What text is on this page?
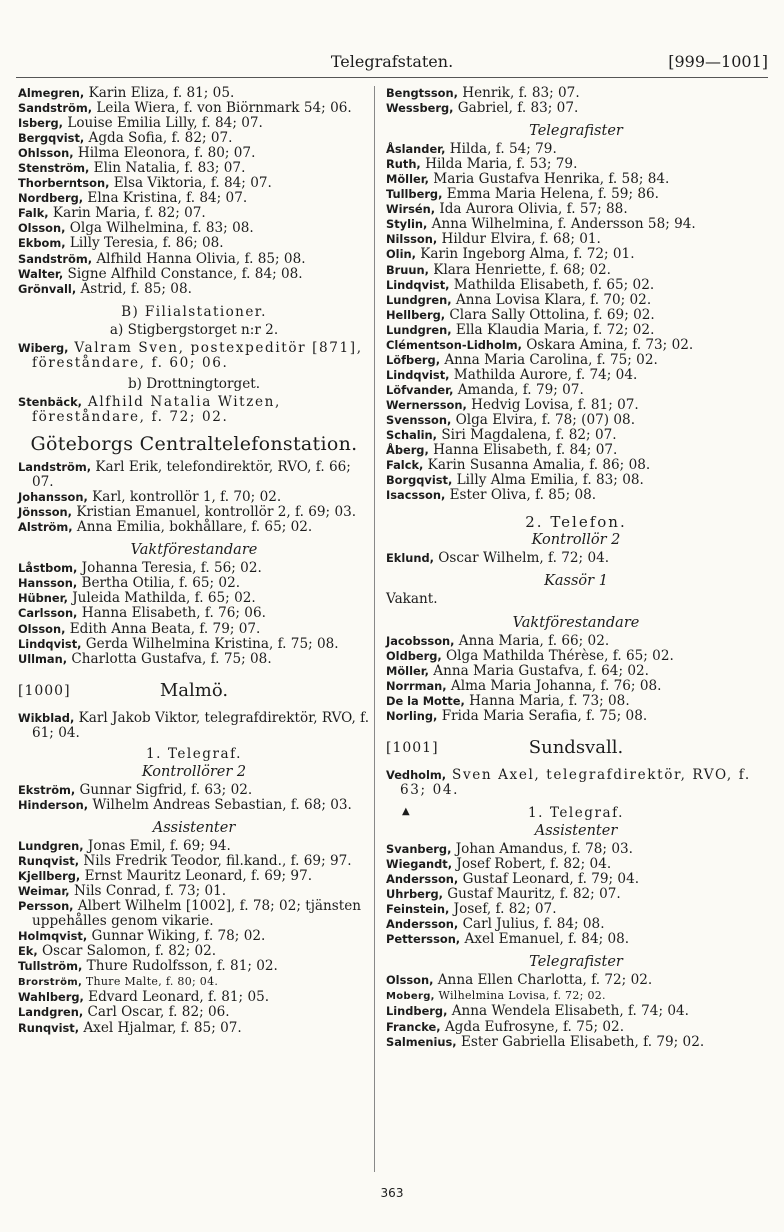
Telegrafstaten.	[999—1001]

Almegren, Karin Eliza, f. 81; 05.

Sandström, Leila Wiera, f. von Biörnmark 54; 06.

Isberg, Louise Emilia Lilly, f. 84; 07.

Bergqvist, Agda Sofia, f. 82; 07.

Ohlsson, Hilma Eleonora, f. 80; 07.

Stenström, Elin Natalia, f. 83; 07.

Thorberntson, Elsa Viktoria, f. 84; 07.

Nordberg, Elna Kristina, f. 84; 07.

Falk, Karin Maria, f. 82; 07.

Olsson, Olga Wilhelmina, f. 83; 08.

Ekbom, Lilly Teresia, f. 86; 08.

Sandström, Alfhild Hanna Olivia, f. 85; 08.

Walter, Signe Alfhild Constance, f. 84; 08.

Grönvall, Astrid, f. 85; 08.

B) Filialstationer.
a) Stigbergstorget n:r 2.

Wiberg, Valram Sven, postexpeditör [871], föreståndare, f. 60; 06.

b) Drottningtorget.

Stenbäck, Alfhild Natalia Witzen, föreståndare, f. 72; 02.

Göteborgs Centraltelefonstation.

Landström, Karl Erik, telefondirektör, RVO, f. 66; 07.

Johansson, Karl, kontrollör 1, f. 70; 02.

Jönsson, Kristian Emanuel, kontrollör 2, f. 69; 03.

Alström, Anna Emilia, bokhållare, f. 65; 02.

Vaktförestandare

Låstbom, Johanna Teresia, f. 56; 02.

Hansson, Bertha Otilia, f. 65; 02.

Hübner, Juleida Mathilda, f. 65; 02.

Carlsson, Hanna Elisabeth, f. 76; 06.

Olsson, Edith Anna Beata, f. 79; 07.

Lindqvist, Gerda Wilhelmina Kristina, f. 75; 08.

Ullman, Charlotta Gustafva, f. 75; 08.

[1000]	Malmö.

Wikblad, Karl Jakob Viktor, telegrafdirektör, RVO, f. 61; 04.

1. Telegraf.
Kontrollörer 2

Ekström, Gunnar Sigfrid, f. 63; 02.

Hinderson, Wilhelm Andreas Sebastian, f. 68; 03.

Assistenter

Lundgren, Jonas Emil, f. 69; 94.

Runqvist, Nils Fredrik Teodor, fil.kand., f. 69; 97.

Kjellberg, Ernst Mauritz Leonard, f. 69; 97.

Weimar, Nils Conrad, f. 73; 01.

Persson, Albert Wilhelm [1002], f. 78; 02; tjänsten uppehålles genom vikarie.

Holmqvist, Gunnar Wiking, f. 78; 02.

Ek, Oscar Salomon, f. 82; 02.

Tullström, Thure Rudolfsson, f. 81; 02.

Brorström, Thure Malte, f. 80; 04.

Wahlberg, Edvard Leonard, f. 81; 05.

Landgren, Carl Oscar, f. 82; 06.

Runqvist, Axel Hjalmar, f. 85; 07.

Bengtsson, Henrik, f. 83; 07.

Wessberg, Gabriel, f. 83; 07.

Telegrafister

Åslander, Hilda, f. 54; 79.

Ruth, Hilda Maria, f. 53; 79.

Möller, Maria Gustafva Henrika, f. 58; 84.

Tullberg, Emma Maria Helena, f. 59; 86.

Wirsén, Ida Aurora Olivia, f. 57; 88.

Stylin, Anna Wilhelmina, f. Andersson 58; 94.

Nilsson, Hildur Elvira, f. 68; 01.

Olin, Karin Ingeborg Alma, f. 72; 01.

Bruun, Klara Henriette, f. 68; 02.

Lindqvist, Mathilda Elisabeth, f. 65; 02.

Lundgren, Anna Lovisa Klara, f. 70; 02.

Hellberg, Clara Sally Ottolina, f. 69; 02.

Lundgren, Ella Klaudia Maria, f. 72; 02.

Clémentson-Lidholm, Oskara Amina, f. 73; 02.

Löfberg, Anna Maria Carolina, f. 75; 02.

Lindqvist, Mathilda Aurore, f. 74; 04.

Löfvander, Amanda, f. 79; 07.

Wernersson, Hedvig Lovisa, f. 81; 07.

Svensson, Olga Elvira, f. 78; (07) 08.

Schalin, Siri Magdalena, f. 82; 07.

Åberg, Hanna Elisabeth, f. 84; 07.

Falck, Karin Susanna Amalia, f. 86; 08.

Borgqvist, Lilly Alma Emilia, f. 83; 08.

Isacsson, Ester Oliva, f. 85; 08.

2. Telefon.
Kontrollör 2

Eklund, Oscar Wilhelm, f. 72; 04.

Kassör 1

Vakant.

Vaktförestandare

Jacobsson, Anna Maria, f. 66; 02.

Oldberg, Olga Mathilda Thérèse, f. 65; 02.

Möller, Anna Maria Gustafva, f. 64; 02.

Norrman, Alma Maria Johanna, f. 76; 08.

De la Motte, Hanna Maria, f. 73; 08.

Norling, Frida Maria Serafia, f. 75; 08.

[1001]	Sundsvall.

Vedholm, Sven Axel, telegrafdirektör, RVO, f. 63; 04.

▲	1. Telegraf.
Assistenter

Svanberg, Johan Amandus, f. 78; 03.

Wiegandt, Josef Robert, f. 82; 04.

Andersson, Gustaf Leonard, f. 79; 04.

Uhrberg, Gustaf Mauritz, f. 82; 07.

Feinstein, Josef, f. 82; 07.

Andersson, Carl Julius, f. 84; 08.

Pettersson, Axel Emanuel, f. 84; 08.

Telegrafister

Olsson, Anna Ellen Charlotta, f. 72; 02.

Moberg, Wilhelmina Lovisa, f. 72; 02.

Lindberg, Anna Wendela Elisabeth, f. 74; 04.

Francke, Agda Eufrosyne, f. 75; 02.

Salmenius, Ester Gabriella Elisabeth, f. 79; 02.

363
